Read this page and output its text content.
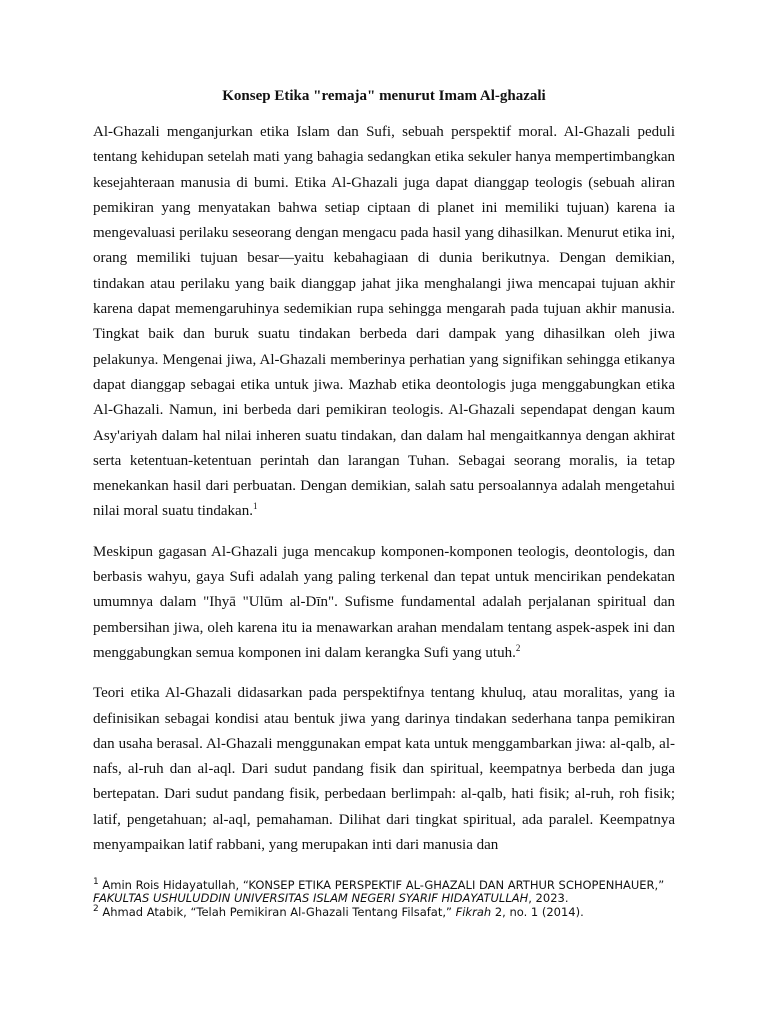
Konsep Etika "remaja" menurut Imam Al-ghazali

Al-Ghazali menganjurkan etika Islam dan Sufi, sebuah perspektif moral. Al-Ghazali peduli tentang kehidupan setelah mati yang bahagia sedangkan etika sekuler hanya mempertimbangkan kesejahteraan manusia di bumi. Etika Al-Ghazali juga dapat dianggap teologis (sebuah aliran pemikiran yang menyatakan bahwa setiap ciptaan di planet ini memiliki tujuan) karena ia mengevaluasi perilaku seseorang dengan mengacu pada hasil yang dihasilkan. Menurut etika ini, orang memiliki tujuan besar—yaitu kebahagiaan di dunia berikutnya. Dengan demikian, tindakan atau perilaku yang baik dianggap jahat jika menghalangi jiwa mencapai tujuan akhir karena dapat memengaruhinya sedemikian rupa sehingga mengarah pada tujuan akhir manusia. Tingkat baik dan buruk suatu tindakan berbeda dari dampak yang dihasilkan oleh jiwa pelakunya. Mengenai jiwa, Al-Ghazali memberinya perhatian yang signifikan sehingga etikanya dapat dianggap sebagai etika untuk jiwa. Mazhab etika deontologis juga menggabungkan etika Al-Ghazali. Namun, ini berbeda dari pemikiran teologis. Al-Ghazali sependapat dengan kaum Asy'ariyah dalam hal nilai inheren suatu tindakan, dan dalam hal mengaitkannya dengan akhirat serta ketentuan-ketentuan perintah dan larangan Tuhan. Sebagai seorang moralis, ia tetap menekankan hasil dari perbuatan. Dengan demikian, salah satu persoalannya adalah mengetahui nilai moral suatu tindakan.$^1$

Meskipun gagasan Al-Ghazali juga mencakup komponen-komponen teologis, deontologis, dan berbasis wahyu, gaya Sufi adalah yang paling terkenal dan tepat untuk mencirikan pendekatan umumnya dalam "Ihyā "Ulūm al-Dīn". Sufisme fundamental adalah perjalanan spiritual dan pembersihan jiwa, oleh karena itu ia menawarkan arahan mendalam tentang aspek-aspek ini dan menggabungkan semua komponen ini dalam kerangka Sufi yang utuh.$^2$

Teori etika Al-Ghazali didasarkan pada perspektifnya tentang khuluq, atau moralitas, yang ia definisikan sebagai kondisi atau bentuk jiwa yang darinya tindakan sederhana tanpa pemikiran dan usaha berasal. Al-Ghazali menggunakan empat kata untuk menggambarkan jiwa: al-qalb, al-nafs, al-ruh dan al-aql. Dari sudut pandang fisik dan spiritual, keempatnya berbeda dan juga bertepatan. Dari sudut pandang fisik, perbedaan berlimpah: al-qalb, hati fisik; al-ruh, roh fisik; latif, pengetahuan; al-aql, pemahaman. Dilihat dari tingkat spiritual, ada paralel. Keempatnya menyampaikan latif rabbani, yang merupakan inti dari manusia dan

$^1$ Amin Rois Hidayatullah, “KONSEP ETIKA PERSPEKTIF AL-GHAZALI DAN ARTHUR SCHOPENHAUER,” FAKULTAS USHULUDDIN UNIVERSITAS ISLAM NEGERI SYARIF HIDAYATULLAH, 2023.

$^2$ Ahmad Atabik, “Telah Pemikiran Al-Ghazali Tentang Filsafat,” Fikrah 2, no. 1 (2014).
